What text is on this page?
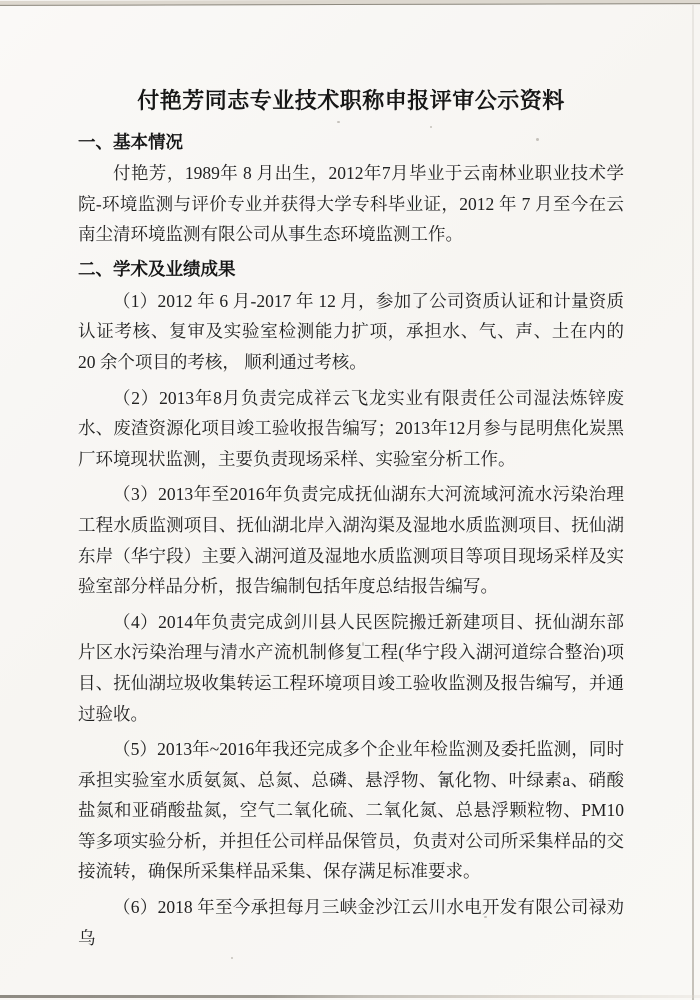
付艳芳同志专业技术职称申报评审公示资料
一、基本情况

付艳芳，1989年 8 月出生，2012年7月毕业于云南林业职业技术学院-环境监测与评价专业并获得大学专科毕业证，2012 年 7 月至今在云南尘清环境监测有限公司从事生态环境监测工作。

二、学术及业绩成果

（1）2012 年 6 月-2017 年 12 月，参加了公司资质认证和计量资质认证考核、复审及实验室检测能力扩项，承担水、气、声、土在内的 20 余个项目的考核， 顺利通过考核。

（2）2013年8月负责完成祥云飞龙实业有限责任公司湿法炼锌废水、废渣资源化项目竣工验收报告编写；2013年12月参与昆明焦化炭黑厂环境现状监测，主要负责现场采样、实验室分析工作。

（3）2013年至2016年负责完成抚仙湖东大河流域河流水污染治理工程水质监测项目、抚仙湖北岸入湖沟渠及湿地水质监测项目、抚仙湖东岸（华宁段）主要入湖河道及湿地水质监测项目等项目现场采样及实验室部分样品分析，报告编制包括年度总结报告编写。

（4）2014年负责完成剑川县人民医院搬迁新建项目、抚仙湖东部片区水污染治理与清水产流机制修复工程(华宁段入湖河道综合整治)项目、抚仙湖垃圾收集转运工程环境项目竣工验收监测及报告编写，并通过验收。

（5）2013年~2016年我还完成多个企业年检监测及委托监测，同时承担实验室水质氨氮、总氮、总磷、悬浮物、氰化物、叶绿素a、硝酸盐氮和亚硝酸盐氮，空气二氧化硫、二氧化氮、总悬浮颗粒物、PM10等多项实验分析，并担任公司样品保管员，负责对公司所采集样品的交接流转，确保所采集样品采集、保存满足标准要求。

（6）2018 年至今承担每月三峡金沙江云川水电开发有限公司禄劝乌
